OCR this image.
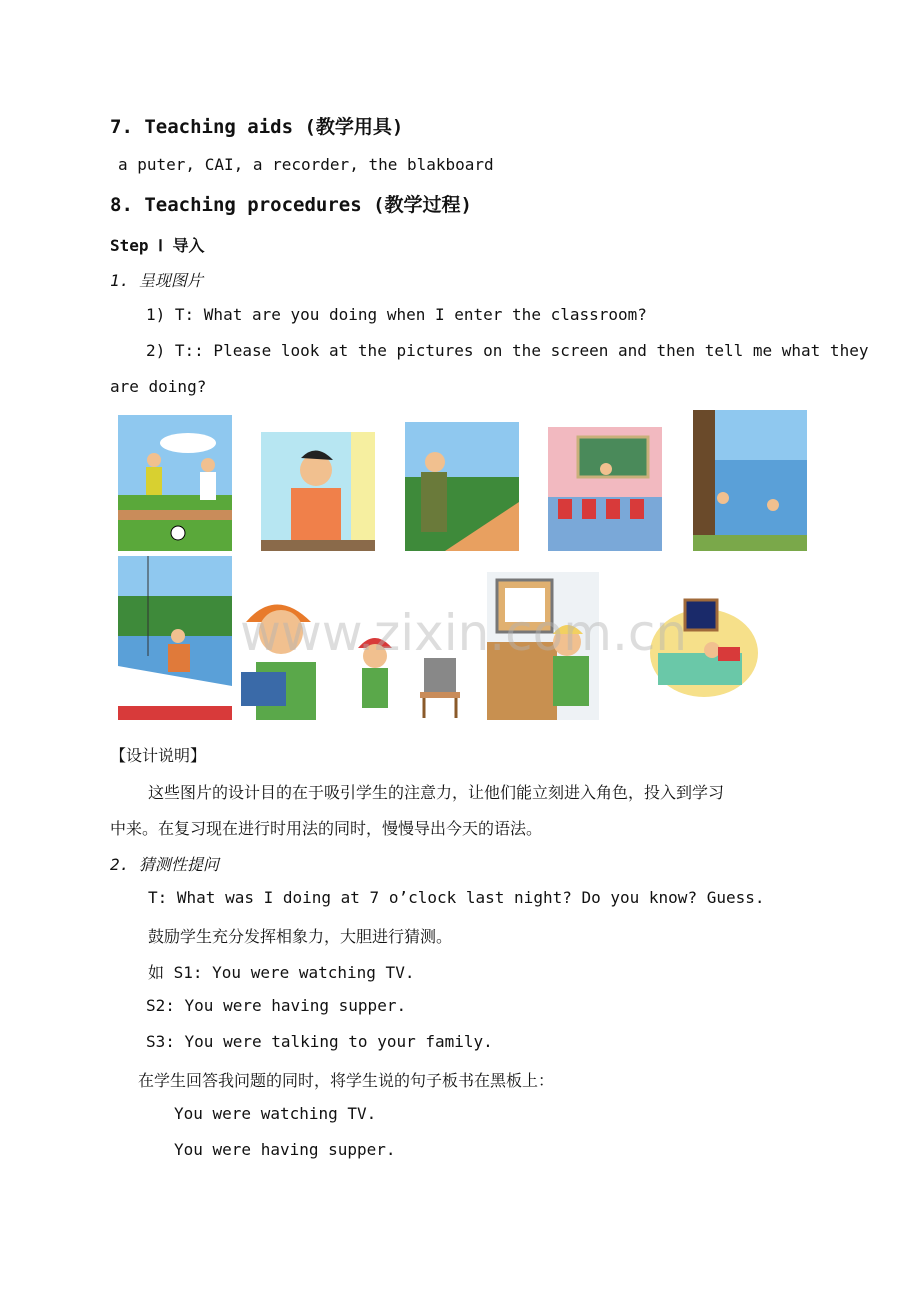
7. Teaching aids (教学用具)
a puter, CAI, a recorder, the blakboard
8. Teaching procedures (教学过程)
Step Ⅰ 导入
1. 呈现图片
1) T: What are you doing when I enter the classroom?
2) T:: Please look at the pictures on the screen and then tell me what they
are doing?
www.zixin.com.cn
【设计说明】
这些图片的设计目的在于吸引学生的注意力，让他们能立刻进入角色，投入到学习
中来。在复习现在进行时用法的同时，慢慢导出今天的语法。
2. 猜测性提问
T: What was I doing at 7 o’clock last night? Do you know? Guess.
鼓励学生充分发挥相象力，大胆进行猜测。
如 S1: You were watching TV.
S2: You were having supper.
S3: You were talking to your family.
在学生回答我问题的同时，将学生说的句子板书在黑板上：
You were watching TV.
You were having supper.
